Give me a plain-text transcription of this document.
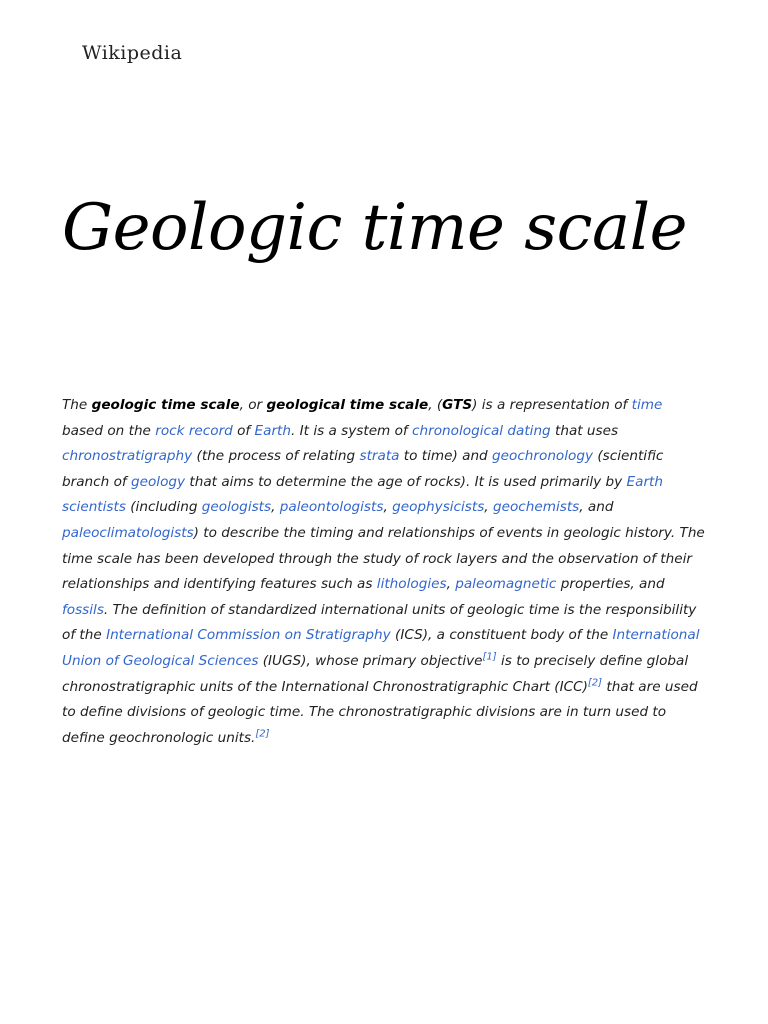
Wikipedia
Geologic time scale

The geologic time scale, or geological time scale, (GTS) is a representation of time based on the rock record of Earth. It is a system of chronological dating that uses chronostratigraphy (the process of relating strata to time) and geochronology (scientific branch of geology that aims to determine the age of rocks). It is used primarily by Earth scientists (including geologists, paleontologists, geophysicists, geochemists, and paleoclimatologists) to describe the timing and relationships of events in geologic history. The time scale has been developed through the study of rock layers and the observation of their relationships and identifying features such as lithologies, paleomagnetic properties, and fossils. The definition of standardized international units of geologic time is the responsibility of the International Commission on Stratigraphy (ICS), a constituent body of the International Union of Geological Sciences (IUGS), whose primary objective[1] is to precisely define global chronostratigraphic units of the International Chronostratigraphic Chart (ICC)[2] that are used to define divisions of geologic time. The chronostratigraphic divisions are in turn used to define geochronologic units.[2]
